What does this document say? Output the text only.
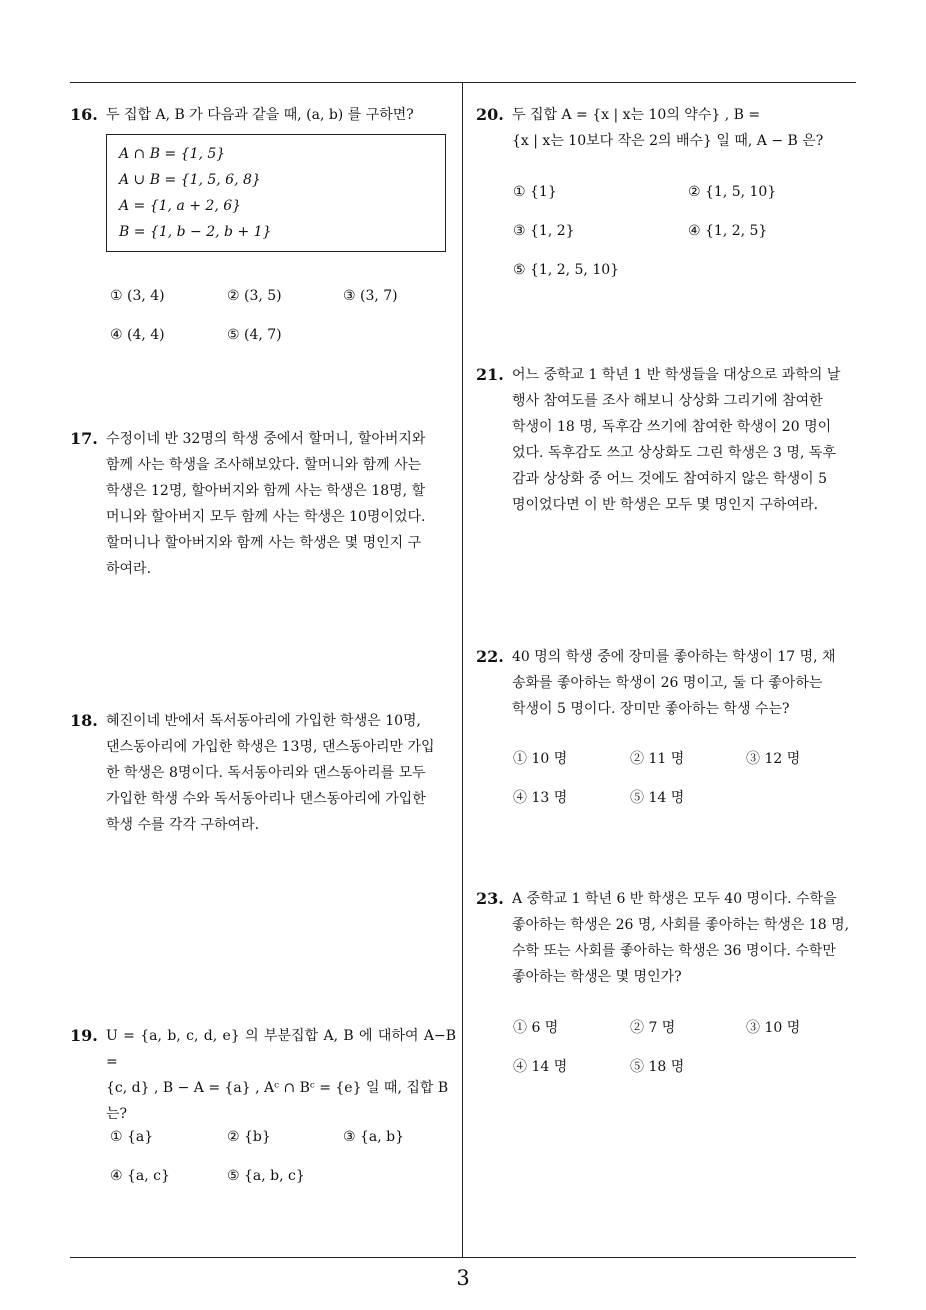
3
16. 두 집합 A, B 가 다음과 같을 때, (a, b) 를 구하면?

A ∩ B = {1, 5}
A ∪ B = {1, 5, 6, 8}
A = {1, a + 2, 6}
B = {1, b − 2, b + 1}
① (3, 4)	② (3, 5)	③ (3, 7)
④ (4, 4)	⑤ (4, 7)
17. 수정이네 반 32명의 학생 중에서 할머니, 할아버지와

함께 사는 학생을 조사해보았다. 할머니와 함께 사는

학생은 12명, 할아버지와 함께 사는 학생은 18명, 할

머니와 할아버지 모두 함께 사는 학생은 10명이었다.

할머니나 할아버지와 함께 사는 학생은 몇 명인지 구

하여라.

18. 혜진이네 반에서 독서동아리에 가입한 학생은 10명,

댄스동아리에 가입한 학생은 13명, 댄스동아리만 가입

한 학생은 8명이다. 독서동아리와 댄스동아리를 모두

가입한 학생 수와 독서동아리나 댄스동아리에 가입한

학생 수를 각각 구하여라.

19. U = {a, b, c, d, e} 의 부분집합 A, B 에 대하여 A−B =

{c, d} , B − A = {a} , Aᶜ ∩ Bᶜ = {e} 일 때, 집합 B

는?

① {a}	② {b}	③ {a, b}
④ {a, c}	⑤ {a, b, c}
20. 두 집합 A = {x | x는 10의 약수} , B =

{x | x는 10보다 작은 2의 배수} 일 때, A − B 은?

① {1}	② {1, 5, 10}
③ {1, 2}	④ {1, 2, 5}
⑤ {1, 2, 5, 10}
21. 어느 중학교 1 학년 1 반 학생들을 대상으로 과학의 날

행사 참여도를 조사 해보니 상상화 그리기에 참여한

학생이 18 명, 독후감 쓰기에 참여한 학생이 20 명이

었다. 독후감도 쓰고 상상화도 그린 학생은 3 명, 독후

감과 상상화 중 어느 것에도 참여하지 않은 학생이 5

명이었다면 이 반 학생은 모두 몇 명인지 구하여라.

22. 40 명의 학생 중에 장미를 좋아하는 학생이 17 명, 채

송화를 좋아하는 학생이 26 명이고, 둘 다 좋아하는

학생이 5 명이다. 장미만 좋아하는 학생 수는?

① 10 명	② 11 명	③ 12 명
④ 13 명	⑤ 14 명
23. A 중학교 1 학년 6 반 학생은 모두 40 명이다. 수학을

좋아하는 학생은 26 명, 사회를 좋아하는 학생은 18 명,

수학 또는 사회를 좋아하는 학생은 36 명이다. 수학만

좋아하는 학생은 몇 명인가?

① 6 명	② 7 명	③ 10 명
④ 14 명	⑤ 18 명
